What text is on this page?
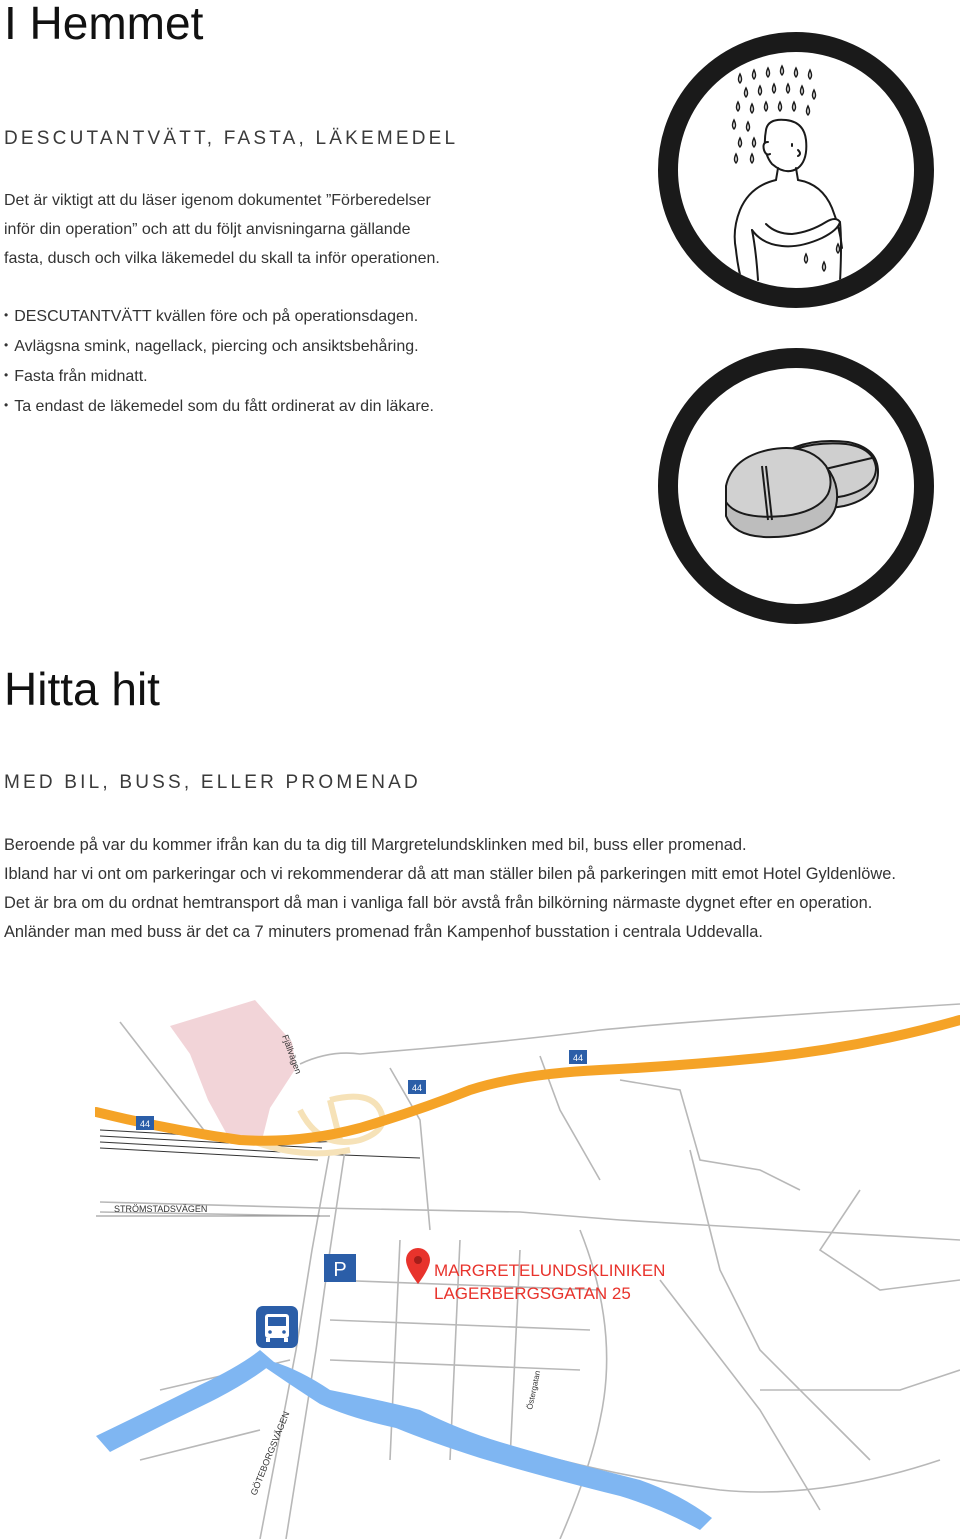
I Hemmet
DESCUTANTVÄTT, FASTA, LÄKEMEDEL

Det är viktigt att du läser igenom dokumentet ”Förberedelser
inför din operation” och att du följt anvisningarna gällande
fasta, dusch och vilka läkemedel du skall ta inför operationen.

• DESCUTANTVÄTT kvällen före och på operationsdagen.
• Avlägsna smink, nagellack, piercing och ansiktsbehåring.
• Fasta från midnatt.
• Ta endast de läkemedel som du fått ordinerat av din läkare.
Hitta hit
MED BIL, BUSS, ELLER PROMENAD

Beroende på var du kommer ifrån kan du ta dig till Margretelundsklinken med bil, buss eller promenad.
Ibland har vi ont om parkeringar och vi rekommenderar då att man ställer bilen på parkeringen mitt emot Hotel Gyldenlöwe.
Det är bra om du ordnat hemtransport då man i vanliga fall bör avstå från bilkörning närmaste dygnet efter en operation.
Anländer man med buss är det ca 7 minuters promenad från Kampenhof busstation i centrala Uddevalla.

44
44
44
Fjällvägen
STRÖMSTADSVÄGEN
GÖTEBORGSVÄGEN
Östergatan
P	MARGRETELUNDSKLINIKEN
LAGERBERGSGATAN 25
